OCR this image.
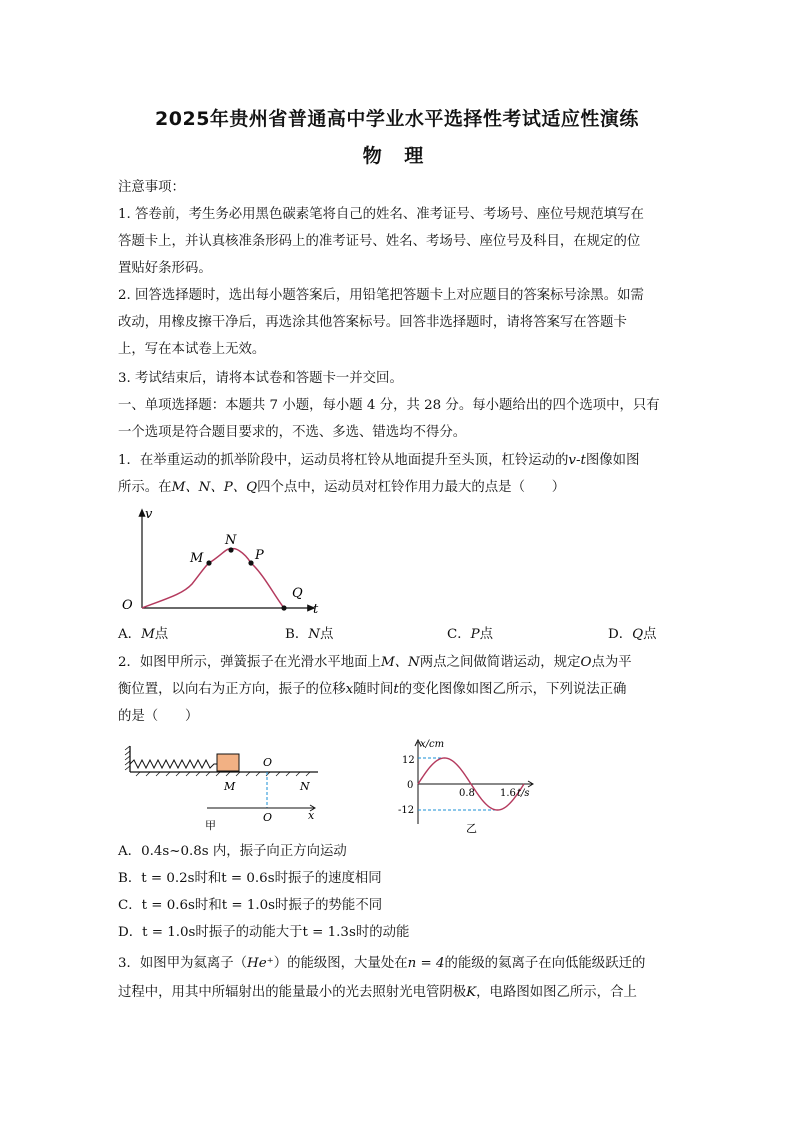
2025年贵州省普通高中学业水平选择性考试适应性演练
物 理
注意事项：
1. 答卷前，考生务必用黑色碳素笔将自己的姓名、准考证号、考场号、座位号规范填写在
答题卡上，并认真核准条形码上的准考证号、姓名、考场号、座位号及科目，在规定的位
置贴好条形码。
2. 回答选择题时，选出每小题答案后，用铅笔把答题卡上对应题目的答案标号涂黑。如需
改动，用橡皮擦干净后，再选涂其他答案标号。回答非选择题时，请将答案写在答题卡
上，写在本试卷上无效。
3. 考试结束后，请将本试卷和答题卡一并交回。
一、单项选择题：本题共 7 小题，每小题 4 分，共 28 分。每小题给出的四个选项中，只有
一个选项是符合题目要求的，不选、多选、错选均不得分。
1．在举重运动的抓举阶段中，运动员将杠铃从地面提升至头顶，杠铃运动的v-t图像如图
所示。在M、N、P、Q四个点中，运动员对杠铃作用力最大的点是（　　）
v
t
O
M
N
P
Q
A．M点	B．N点	C．P点	D．Q点
2．如图甲所示，弹簧振子在光滑水平地面上M、N两点之间做简谐运动，规定O点为平
衡位置，以向右为正方向，振子的位移x随时间t的变化图像如图乙所示，下列说法正确
的是（　　）
O
M	N
O	x
甲
x/cm
12
0
-12
0.8	1.6 t/s
乙
A．0.4s~0.8s 内，振子向正方向运动
B．t = 0.2s时和t = 0.6s时振子的速度相同
C．t = 0.6s时和t = 1.0s时振子的势能不同
D．t = 1.0s时振子的动能大于t = 1.3s时的动能
3．如图甲为氦离子（He⁺）的能级图，大量处在n = 4的能级的氦离子在向低能级跃迁的
过程中，用其中所辐射出的能量最小的光去照射光电管阴极K，电路图如图乙所示，合上
